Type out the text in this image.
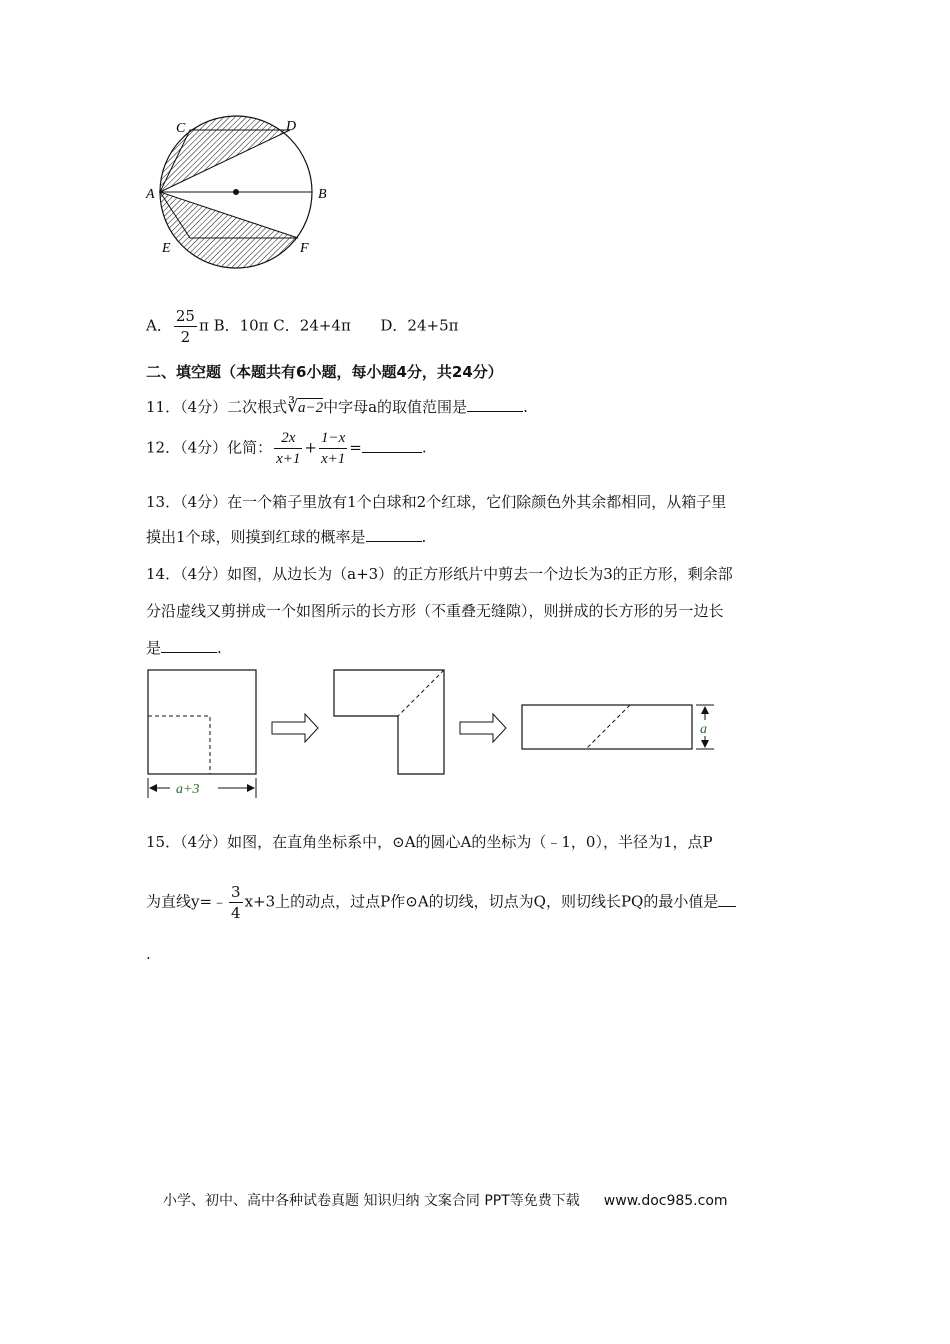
C	D
A	B
E	F
A． $\frac{25}{2}$ π B．10π C．24+4π D．24+5π
二、填空题（本题共有6小题，每小题4分，共24分）
11．（4分）二次根式∛a−2中字母a的取值范围是	.
12．（4分）化简： $\frac{2x}{x+1} + \frac{1-x}{x+1}$ =	.
13．（4分）在一个箱子里放有1个白球和2个红球，它们除颜色外其余都相同，从箱子里
摸出1个球，则摸到红球的概率是	.
14．（4分）如图，从边长为（a+3）的正方形纸片中剪去一个边长为3的正方形，剩余部
分沿虚线又剪拼成一个如图所示的长方形（不重叠无缝隙），则拼成的长方形的另一边长
是	.
a+3
a
15．（4分）如图，在直角坐标系中，⊙A的圆心A的坐标为（﹣1，0），半径为1，点P
为直线y=﹣ $\frac{3}{4} x+3$上的动点，过点P作⊙A的切线，切点为Q，则切线长PQ的最小值是
.
小学、初中、高中各种试卷真题 知识归纳 文案合同 PPT等免费下载 www.doc985.com
